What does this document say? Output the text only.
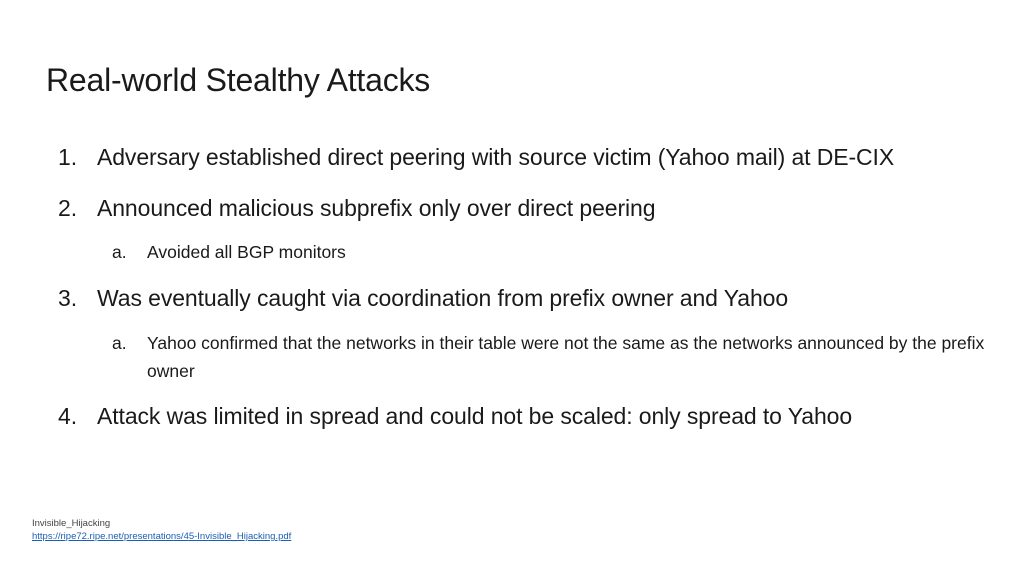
Real-world Stealthy Attacks
1. Adversary established direct peering with source victim (Yahoo mail) at DE-CIX
2. Announced malicious subprefix only over direct peering
a. Avoided all BGP monitors
3. Was eventually caught via coordination from prefix owner and Yahoo
a. Yahoo confirmed that the networks in their table were not the same as the networks announced by the prefix owner
4. Attack was limited in spread and could not be scaled: only spread to Yahoo
Invisible_Hijacking
https://ripe72.ripe.net/presentations/45-Invisible_Hijacking.pdf
